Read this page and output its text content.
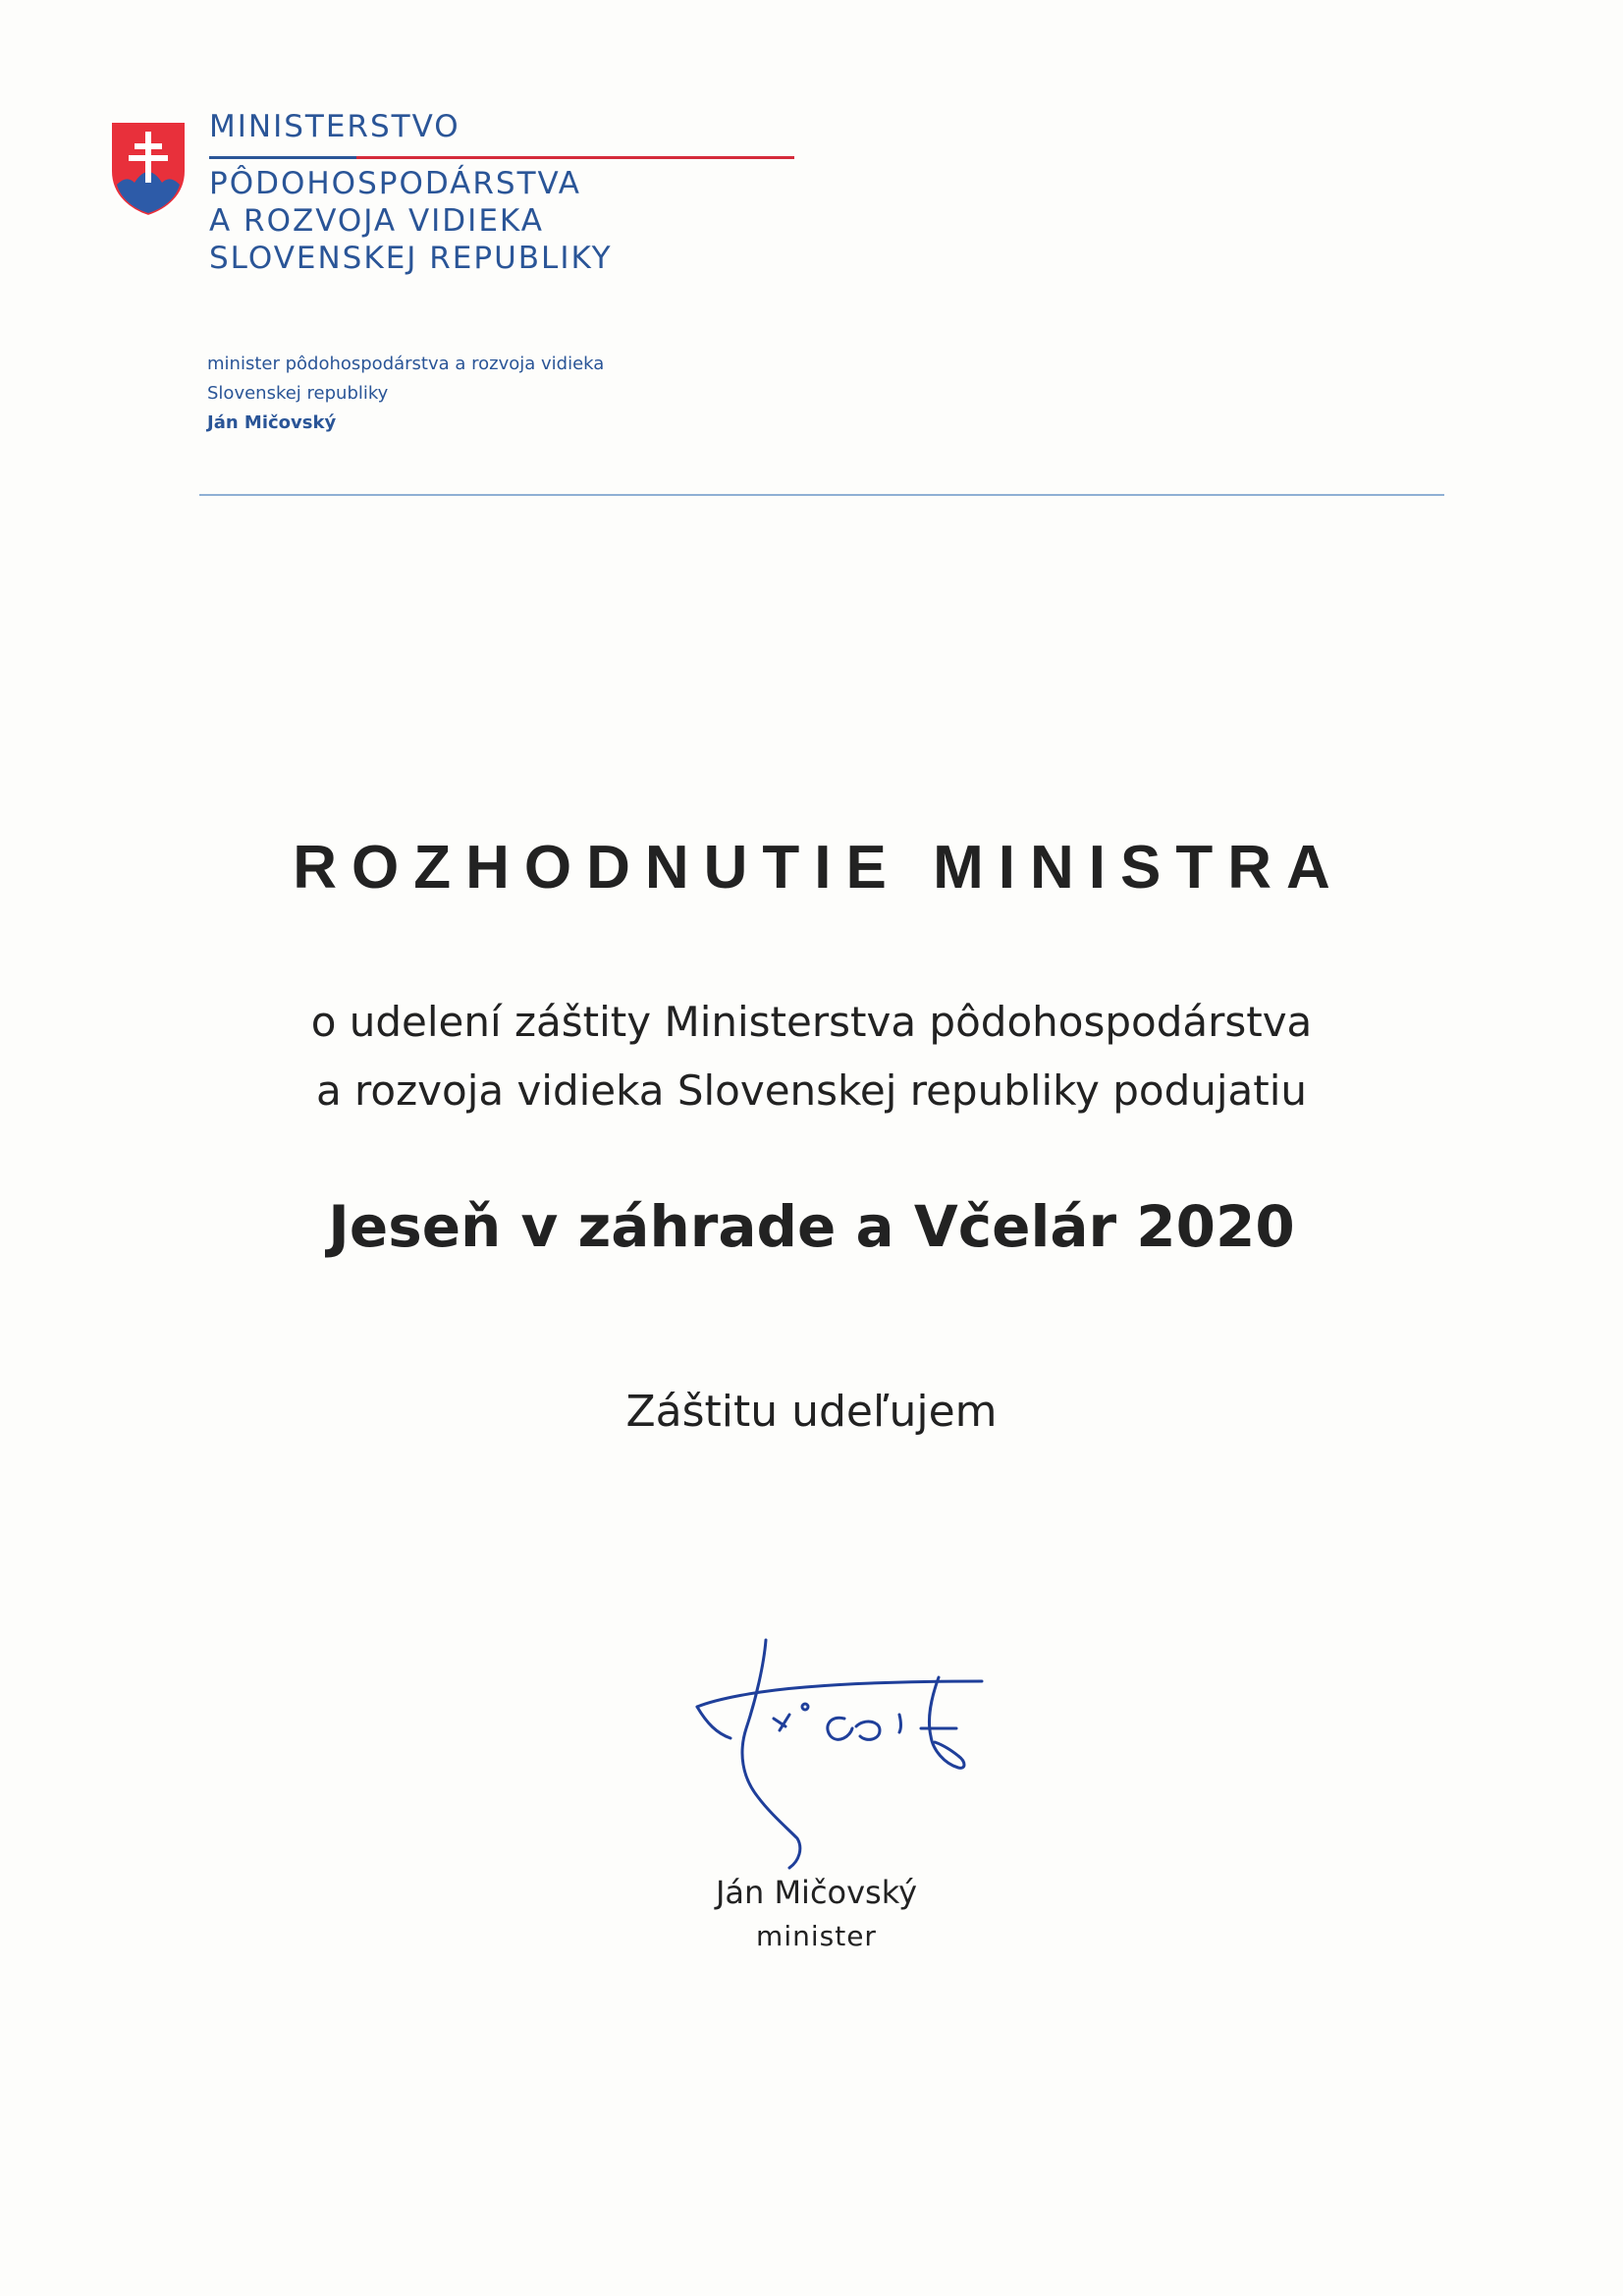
MINISTERSTVO
PÔDOHOSPODÁRSTVA
A ROZVOJA VIDIEKA
SLOVENSKEJ REPUBLIKY
minister pôdohospodárstva a rozvoja vidieka
Slovenskej republiky
Ján Mičovský
ROZHODNUTIE MINISTRA
o udelení záštity Ministerstva pôdohospodárstva
a rozvoja vidieka Slovenskej republiky podujatiu
Jeseň v záhrade a Včelár 2020
Záštitu udeľujem
Ján Mičovský
minister
